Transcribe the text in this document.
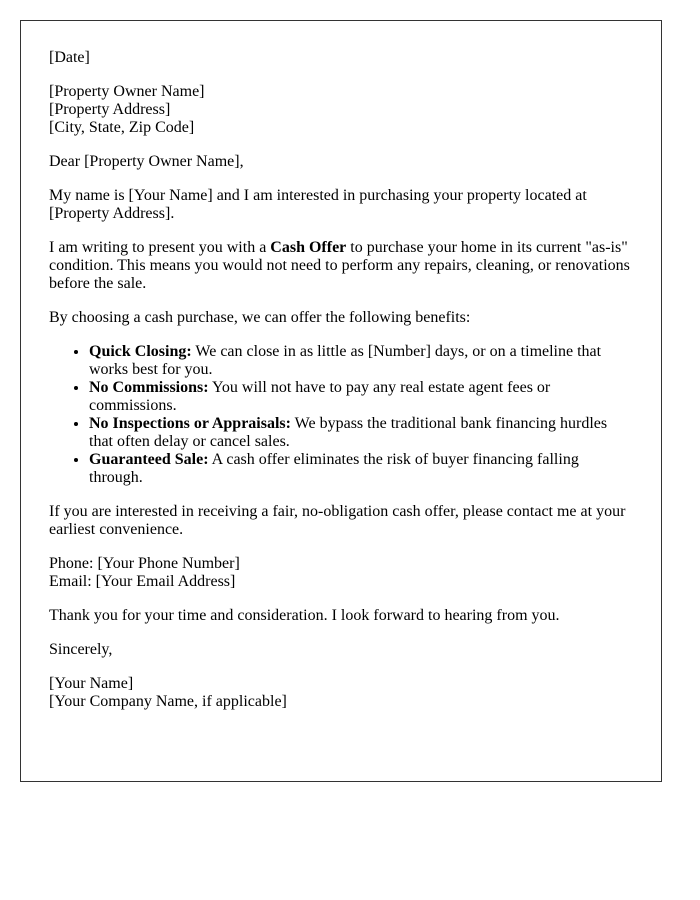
[Date]

[Property Owner Name]
[Property Address]
[City, State, Zip Code]

Dear [Property Owner Name],

My name is [Your Name] and I am interested in purchasing your property located at [Property Address].

I am writing to present you with a Cash Offer to purchase your home in its current "as-is" condition. This means you would not need to perform any repairs, cleaning, or renovations before the sale.

By choosing a cash purchase, we can offer the following benefits:

• Quick Closing: We can close in as little as [Number] days, or on a timeline that works best for you.
• No Commissions: You will not have to pay any real estate agent fees or commissions.
• No Inspections or Appraisals: We bypass the traditional bank financing hurdles that often delay or cancel sales.
• Guaranteed Sale: A cash offer eliminates the risk of buyer financing falling through.

If you are interested in receiving a fair, no-obligation cash offer, please contact me at your earliest convenience.

Phone: [Your Phone Number]
Email: [Your Email Address]

Thank you for your time and consideration. I look forward to hearing from you.

Sincerely,

[Your Name]
[Your Company Name, if applicable]
